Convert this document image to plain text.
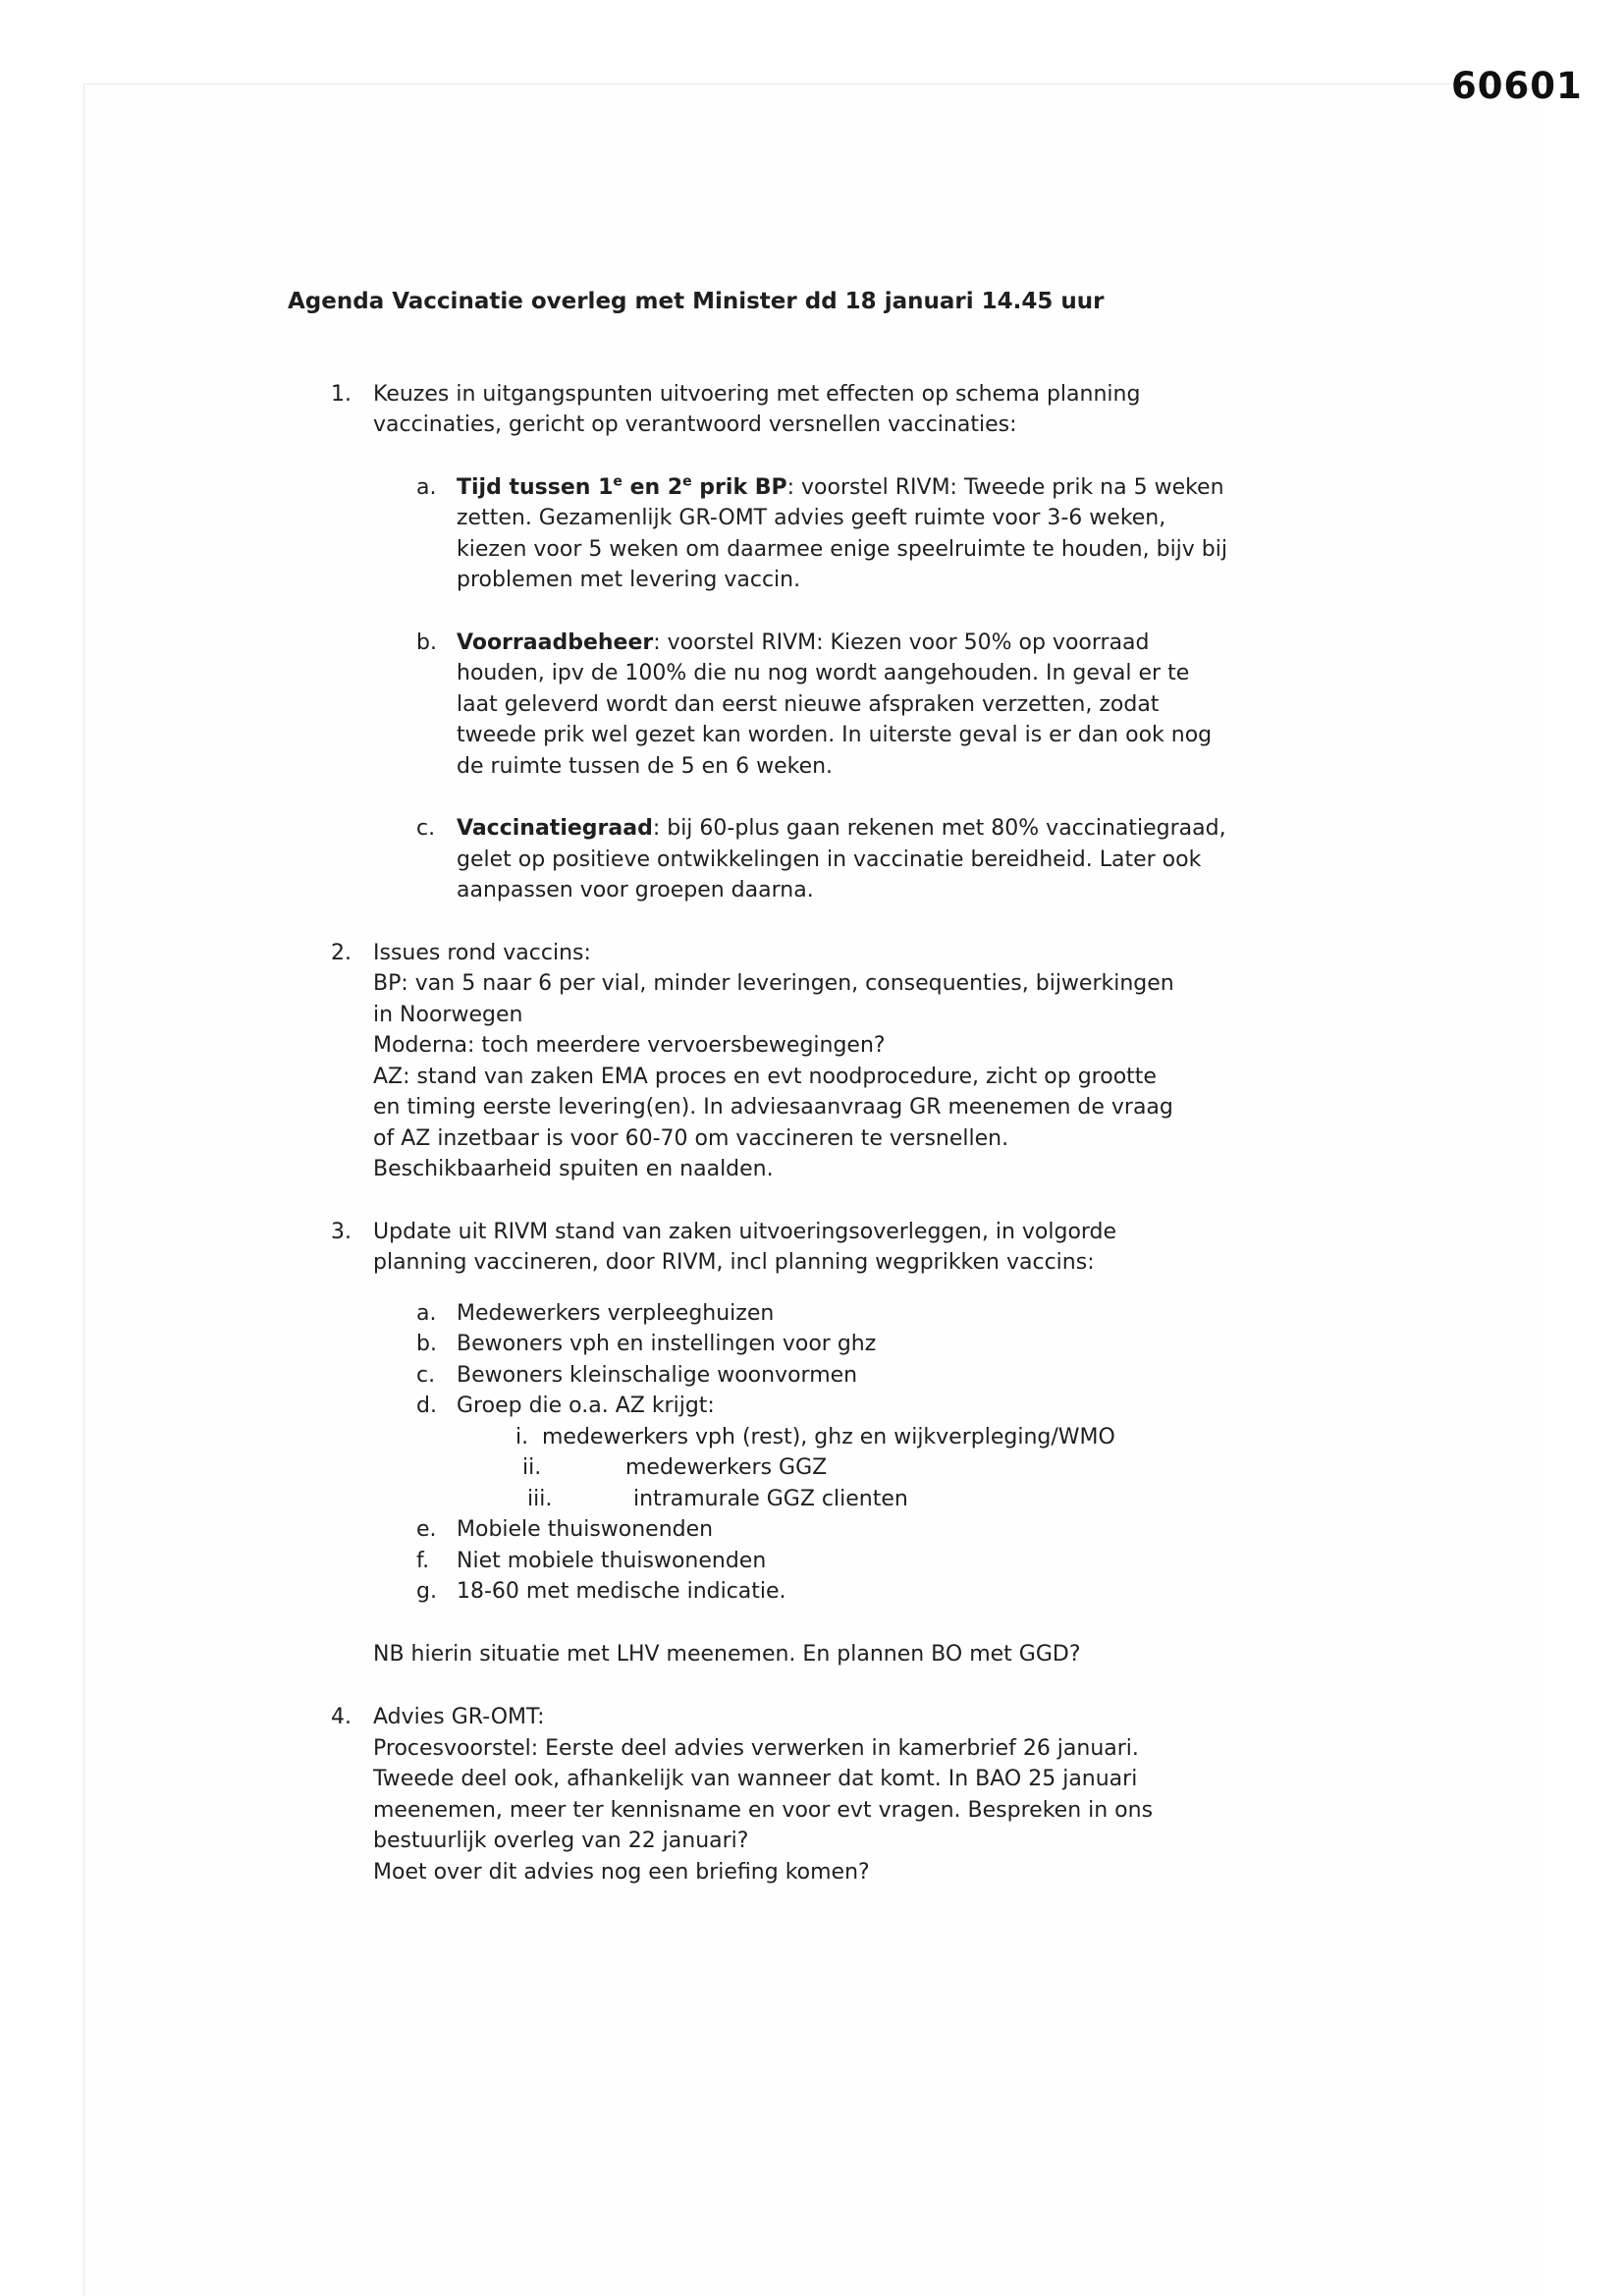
60601
Agenda Vaccinatie overleg met Minister dd 18 januari 14.45 uur
1.	Keuzes in uitgangspunten uitvoering met effecten op schema planning
vaccinaties, gericht op verantwoord versnellen vaccinaties:
a. Tijd tussen 1e en 2e prik BP: voorstel RIVM: Tweede prik na 5 weken
zetten. Gezamenlijk GR-OMT advies geeft ruimte voor 3-6 weken,
kiezen voor 5 weken om daarmee enige speelruimte te houden, bijv bij
problemen met levering vaccin.
b. Voorraadbeheer: voorstel RIVM: Kiezen voor 50% op voorraad
houden, ipv de 100% die nu nog wordt aangehouden. In geval er te
laat geleverd wordt dan eerst nieuwe afspraken verzetten, zodat
tweede prik wel gezet kan worden. In uiterste geval is er dan ook nog
de ruimte tussen de 5 en 6 weken.
c. Vaccinatiegraad: bij 60-plus gaan rekenen met 80% vaccinatiegraad,
gelet op positieve ontwikkelingen in vaccinatie bereidheid. Later ook
aanpassen voor groepen daarna.
2.	Issues rond vaccins:
BP: van 5 naar 6 per vial, minder leveringen, consequenties, bijwerkingen
in Noorwegen
Moderna: toch meerdere vervoersbewegingen?
AZ: stand van zaken EMA proces en evt noodprocedure, zicht op grootte
en timing eerste levering(en). In adviesaanvraag GR meenemen de vraag
of AZ inzetbaar is voor 60-70 om vaccineren te versnellen.
Beschikbaarheid spuiten en naalden.
3.	Update uit RIVM stand van zaken uitvoeringsoverleggen, in volgorde
planning vaccineren, door RIVM, incl planning wegprikken vaccins:
a. Medewerkers verpleeghuizen
b. Bewoners vph en instellingen voor ghz
c. Bewoners kleinschalige woonvormen
d. Groep die o.a. AZ krijgt:
i. medewerkers vph (rest), ghz en wijkverpleging/WMO
ii.	medewerkers GGZ
iii.	intramurale GGZ clienten
e. Mobiele thuiswonenden
f.	Niet mobiele thuiswonenden
g. 18-60 met medische indicatie.
NB hierin situatie met LHV meenemen. En plannen BO met GGD?
4.	Advies GR-OMT:
Procesvoorstel: Eerste deel advies verwerken in kamerbrief 26 januari.
Tweede deel ook, afhankelijk van wanneer dat komt. In BAO 25 januari
meenemen, meer ter kennisname en voor evt vragen. Bespreken in ons
bestuurlijk overleg van 22 januari?
Moet over dit advies nog een briefing komen?
